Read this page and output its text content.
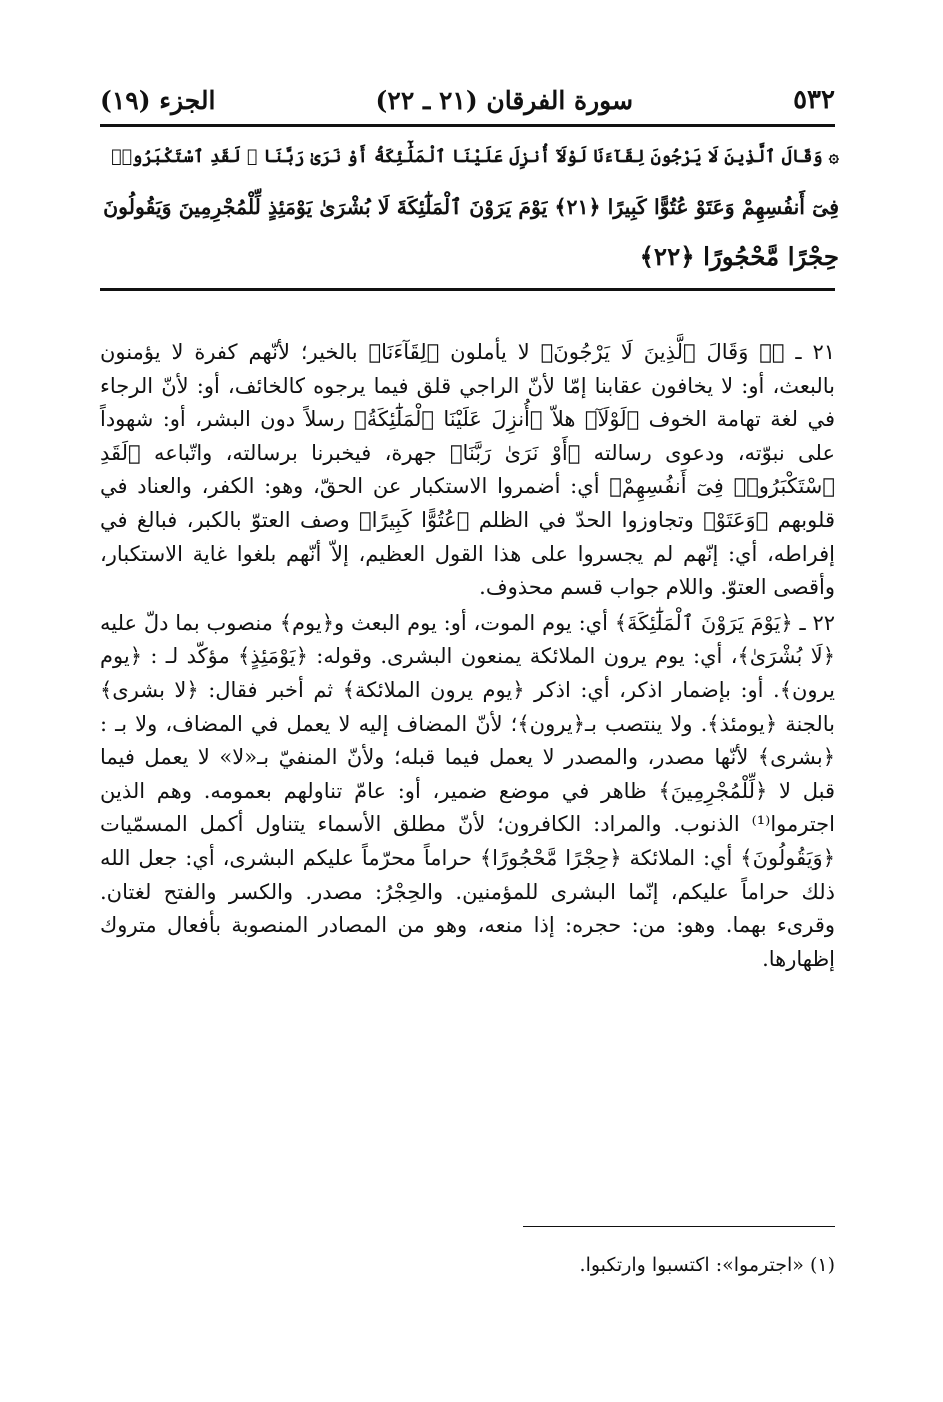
٥٣٢
سورة الفرقان (٢١ ـ ٢٢)
الجزء (١٩)
۞ وَقَالَ ٱلَّذِينَ لَا يَرْجُونَ لِقَآءَنَا لَوْلَآ أُنزِلَ عَلَيْنَا ٱلْمَلَٰٓئِكَةُ أَوْ نَرَىٰ رَبَّنَا ۗ لَقَدِ ٱسْتَكْبَرُوا۟
فِىٓ أَنفُسِهِمْ وَعَتَوْ عُتُوًّا كَبِيرًا ﴿٢١﴾ يَوْمَ يَرَوْنَ ٱلْمَلَٰٓئِكَةَ لَا بُشْرَىٰ يَوْمَئِذٍ لِّلْمُجْرِمِينَ وَيَقُولُونَ
حِجْرًا مَّحْجُورًا ﴿٢٢﴾

٢١ ـ ﴿۞ وَقَالَ ٱلَّذِينَ لَا يَرْجُونَ﴾ لا يأملون ﴿لِقَآءَنَا﴾ بالخير؛ لأنّهم كفرة لا يؤمنون بالبعث، أو: لا يخافون عقابنا إمّا لأنّ الراجي قلق فيما يرجوه كالخائف، أو: لأنّ الرجاء في لغة تهامة الخوف ﴿لَوْلَآ﴾ هلاّ ﴿أُنزِلَ عَلَيْنَا ٱلْمَلَٰٓئِكَةُ﴾ رسلاً دون البشر، أو: شهوداً على نبوّته، ودعوى رسالته ﴿أَوْ نَرَىٰ رَبَّنَا﴾ جهرة، فيخبرنا برسالته، واتّباعه ﴿لَقَدِ ٱسْتَكْبَرُوا۟ فِىٓ أَنفُسِهِمْ﴾ أي: أضمروا الاستكبار عن الحقّ، وهو: الكفر، والعناد في قلوبهم ﴿وَعَتَوْ﴾ وتجاوزوا الحدّ في الظلم ﴿عُتُوًّا كَبِيرًا﴾ وصف العتوّ بالكبر، فبالغ في إفراطه، أي: إنّهم لم يجسروا على هذا القول العظيم، إلاّ أنّهم بلغوا غاية الاستكبار، وأقصى العتوّ. واللام جواب قسم محذوف.

٢٢ ـ ﴿يَوْمَ يَرَوْنَ ٱلْمَلَٰٓئِكَةَ﴾ أي: يوم الموت، أو: يوم البعث و﴿يوم﴾ منصوب بما دلّ عليه ﴿لَا بُشْرَىٰ﴾، أي: يوم يرون الملائكة يمنعون البشرى. وقوله: ﴿يَوْمَئِذٍ﴾ مؤكّد لـ : ﴿يوم يرون﴾. أو: بإضمار اذكر، أي: اذكر ﴿يوم يرون الملائكة﴾ ثم أخبر فقال: ﴿لا بشرى﴾ بالجنة ﴿يومئذ﴾. ولا ينتصب بـ﴿يرون﴾؛ لأنّ المضاف إليه لا يعمل في المضاف، ولا بـ : ﴿بشرى﴾ لأنّها مصدر، والمصدر لا يعمل فيما قبله؛ ولأنّ المنفيّ بـ«لا» لا يعمل فيما قبل لا ﴿لِّلْمُجْرِمِينَ﴾ ظاهر في موضع ضمير، أو: عامّ تناولهم بعمومه. وهم الذين اجترموا⁽¹⁾ الذنوب. والمراد: الكافرون؛ لأنّ مطلق الأسماء يتناول أكمل المسمّيات ﴿وَيَقُولُونَ﴾ أي: الملائكة ﴿حِجْرًا مَّحْجُورًا﴾ حراماً محرّماً عليكم البشرى، أي: جعل الله ذلك حراماً عليكم، إنّما البشرى للمؤمنين. والحِجْرُ: مصدر. والكسر والفتح لغتان. وقرىء بهما. وهو: من: حجره: إذا منعه، وهو من المصادر المنصوبة بأفعال متروك إظهارها.

(١) «اجترموا»: اكتسبوا وارتكبوا.
